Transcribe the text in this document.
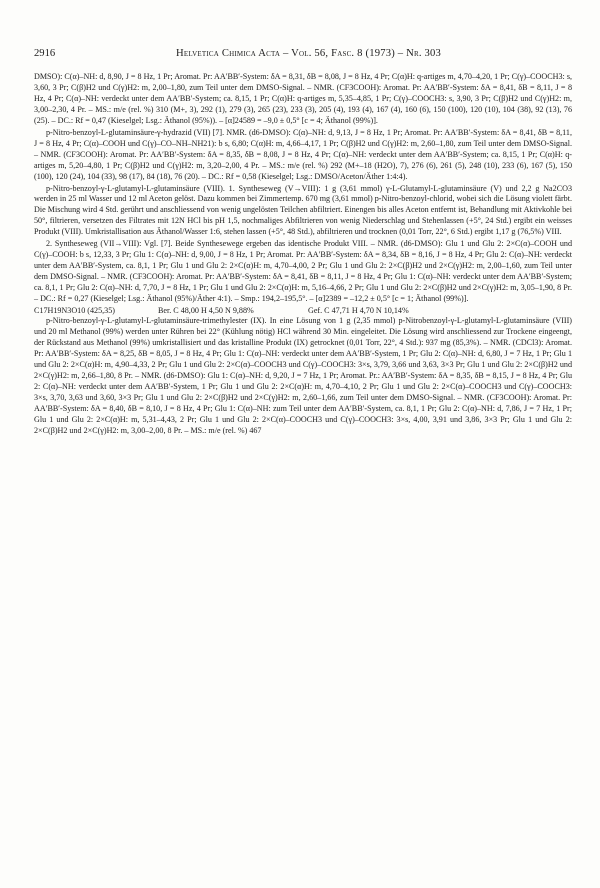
2916	Helvetica Chimica Acta – Vol. 56, Fasc. 8 (1973) – Nr. 303

DMSO): C(α)–NH: d, 8,90, J = 8 Hz, 1 Pr; Aromat. Pr: AA′BB′-System: δA = 8,31, δB = 8,08, J = 8 Hz, 4 Pr; C(α)H: q-artiges m, 4,70–4,20, 1 Pr; C(γ)–COOCH3: s, 3,60, 3 Pr; C(β)H2 und C(γ)H2: m, 2,00–1,80, zum Teil unter dem DMSO-Signal. – NMR. (CF3COOH): Aromat. Pr: AA′BB′-System: δA = 8,41, δB = 8,11, J = 8 Hz, 4 Pr; C(α)–NH: verdeckt unter dem AA′BB′-System; ca. 8,15, 1 Pr; C(α)H: q-artiges m, 5,35–4,85, 1 Pr; C(γ)–COOCH3: s, 3,90, 3 Pr; C(β)H2 und C(γ)H2: m, 3,00–2,30, 4 Pr. – MS.: m/e (rel. %) 310 (M+, 3), 292 (1), 279 (3), 265 (23), 233 (3), 205 (4), 193 (4), 167 (4), 160 (6), 150 (100), 120 (10), 104 (38), 92 (13), 76 (25). – DC.: Rf = 0,47 (Kieselgel; Lsg.: Äthanol (95%)). – [α]24589 = –9,0 ± 0,5° [c = 4; Äthanol (99%)].

p-Nitro-benzoyl-L-glutaminsäure-γ-hydrazid (VII) [7]. NMR. (d6-DMSO): C(α)–NH: d, 9,13, J = 8 Hz, 1 Pr; Aromat. Pr: AA′BB′-System: δA = 8,41, δB = 8,11, J = 8 Hz, 4 Pr; C(α)–COOH und C(γ)–CO–NH–NH21): b s, 6,80; C(α)H: m, 4,66–4,17, 1 Pr; C(β)H2 und C(γ)H2: m, 2,60–1,80, zum Teil unter dem DMSO-Signal. – NMR. (CF3COOH): Aromat. Pr: AA′BB′-System: δA = 8,35, δB = 8,08, J = 8 Hz, 4 Pr; C(α)–NH: verdeckt unter dem AA′BB′-System; ca. 8,15, 1 Pr; C(α)H: q-artiges m, 5,20–4,80, 1 Pr; C(β)H2 und C(γ)H2: m, 3,20–2,00, 4 Pr. – MS.: m/e (rel. %) 292 (M+–18 (H2O), 7), 276 (6), 261 (5), 248 (10), 233 (6), 167 (5), 150 (100), 120 (24), 104 (33), 98 (17), 84 (18), 76 (20). – DC.: Rf = 0,58 (Kieselgel; Lsg.: DMSO/Aceton/Äther 1:4:4).

p-Nitro-benzoyl-γ-L-glutamyl-L-glutaminsäure (VIII). 1. Syntheseweg (V→VIII): 1 g (3,61 mmol) γ-L-Glutamyl-L-glutaminsäure (V) und 2,2 g Na2CO3 werden in 25 ml Wasser und 12 ml Aceton gelöst. Dazu kommen bei Zimmertemp. 670 mg (3,61 mmol) p-Nitro-benzoyl-chlorid, wobei sich die Lösung violett färbt. Die Mischung wird 4 Std. gerührt und anschliessend von wenig ungelösten Teilchen abfiltriert. Einengen bis alles Aceton entfernt ist, Behandlung mit Aktivkohle bei 50°, filtrieren, versetzen des Filtrates mit 12N HCl bis pH 1,5, nochmaliges Abfiltrieren von wenig Niederschlag und Stehenlassen (+5°, 24 Std.) ergibt ein weisses Produkt (VIII). Umkristallisation aus Äthanol/Wasser 1:6, stehen lassen (+5°, 48 Std.), abfiltrieren und trocknen (0,01 Torr, 22°, 6 Std.) ergibt 1,17 g (76,5%) VIII.

2. Syntheseweg (VII→VIII): Vgl. [7]. Beide Synthesewege ergeben das identische Produkt VIII. – NMR. (d6-DMSO): Glu 1 und Glu 2: 2×C(α)–COOH und C(γ)–COOH: b s, 12,33, 3 Pr; Glu 1: C(α)–NH: d, 9,00, J = 8 Hz, 1 Pr; Aromat. Pr: AA′BB′-System: δA = 8,34, δB = 8,16, J = 8 Hz, 4 Pr; Glu 2: C(α)–NH: verdeckt unter dem AA′BB′-System, ca. 8,1, 1 Pr; Glu 1 und Glu 2: 2×C(α)H: m, 4,70–4,00, 2 Pr; Glu 1 und Glu 2: 2×C(β)H2 und 2×C(γ)H2: m, 2,00–1,60, zum Teil unter dem DMSO-Signal. – NMR. (CF3COOH): Aromat. Pr: AA′BB′-System: δA = 8,41, δB = 8,11, J = 8 Hz, 4 Pr; Glu 1: C(α)–NH: verdeckt unter dem AA′BB′-System; ca. 8,1, 1 Pr; Glu 2: C(α)–NH: d, 7,70, J = 8 Hz, 1 Pr; Glu 1 und Glu 2: 2×C(α)H: m, 5,16–4,66, 2 Pr; Glu 1 und Glu 2: 2×C(β)H2 und 2×C(γ)H2: m, 3,05–1,90, 8 Pr. – DC.: Rf = 0,27 (Kieselgel; Lsg.: Äthanol (95%)/Äther 4:1). – Smp.: 194,2–195,5°. – [α]2389 = –12,2 ± 0,5° [c = 1; Äthanol (99%)].

C17H19N3O10 (425,35)	Ber. C 48,00 H 4,50 N 9,88%	Gef. C 47,71 H 4,70 N 10,14%

p-Nitro-benzoyl-γ-L-glutamyl-L-glutaminsäure-trimethylester (IX). In eine Lösung von 1 g (2,35 mmol) p-Nitrobenzoyl-γ-L-glutamyl-L-glutaminsäure (VIII) und 20 ml Methanol (99%) werden unter Rühren bei 22° (Kühlung nötig) HCl während 30 Min. eingeleitet. Die Lösung wird anschliessend zur Trockene eingeengt, der Rückstand aus Methanol (99%) umkristallisiert und das kristalline Produkt (IX) getrocknet (0,01 Torr, 22°, 4 Std.): 937 mg (85,3%). – NMR. (CDCl3): Aromat. Pr: AA′BB′-System: δA = 8,25, δB = 8,05, J = 8 Hz, 4 Pr; Glu 1: C(α)–NH: verdeckt unter dem AA′BB′-System, 1 Pr; Glu 2: C(α)–NH: d, 6,80, J = 7 Hz, 1 Pr; Glu 1 und Glu 2: 2×C(α)H: m, 4,90–4,33, 2 Pr; Glu 1 und Glu 2: 2×C(α)–COOCH3 und C(γ)–COOCH3: 3×s, 3,79, 3,66 und 3,63, 3×3 Pr; Glu 1 und Glu 2: 2×C(β)H2 und 2×C(γ)H2: m, 2,66–1,80, 8 Pr. – NMR. (d6-DMSO): Glu 1: C(α)–NH: d, 9,20, J = 7 Hz, 1 Pr; Aromat. Pr.: AA′BB′-System: δA = 8,35, δB = 8,15, J = 8 Hz, 4 Pr; Glu 2: C(α)–NH: verdeckt unter dem AA′BB′-System, 1 Pr; Glu 1 und Glu 2: 2×C(α)H: m, 4,70–4,10, 2 Pr; Glu 1 und Glu 2: 2×C(α)–COOCH3 und C(γ)–COOCH3: 3×s, 3,70, 3,63 und 3,60, 3×3 Pr; Glu 1 und Glu 2: 2×C(β)H2 und 2×C(γ)H2: m, 2,60–1,66, zum Teil unter dem DMSO-Signal. – NMR. (CF3COOH): Aromat. Pr: AA′BB′-System: δA = 8,40, δB = 8,10, J = 8 Hz, 4 Pr; Glu 1: C(α)–NH: zum Teil unter dem AA′BB′-System, ca. 8,1, 1 Pr; Glu 2: C(α)–NH: d, 7,86, J = 7 Hz, 1 Pr; Glu 1 und Glu 2: 2×C(α)H: m, 5,31–4,43, 2 Pr; Glu 1 und Glu 2: 2×C(α)–COOCH3 und C(γ)–COOCH3: 3×s, 4,00, 3,91 und 3,86, 3×3 Pr; Glu 1 und Glu 2: 2×C(β)H2 und 2×C(γ)H2: m, 3,00–2,00, 8 Pr. – MS.: m/e (rel. %) 467
